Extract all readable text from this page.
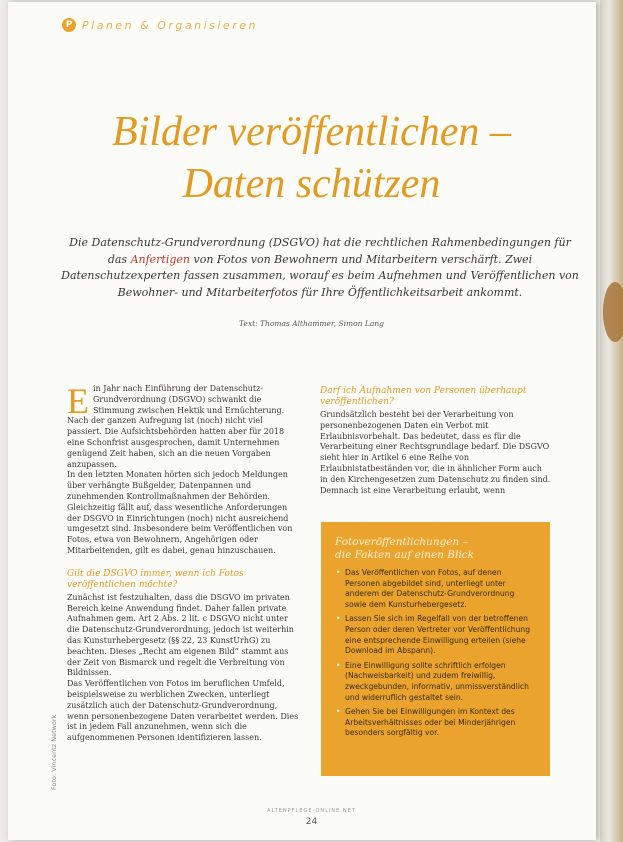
P Planen & Organisieren
Bilder veröffentlichen –
Daten schützen
Die Datenschutz-Grundverordnung (DSGVO) hat die rechtlichen Rahmenbedingungen für das Anfertigen von Fotos von Bewohnern und Mitarbeitern verschärft. Zwei Datenschutzexperten fassen zusammen, worauf es beim Aufnehmen und Veröffentlichen von Bewohner- und Mitarbeiterfotos für Ihre Öffentlichkeitsarbeit ankommt.
Text: Thomas Althammer, Simon Lang
E in Jahr nach Einführung der Datenschutz-Grundverordnung (DSGVO) schwankt die Stimmung zwischen Hektik und Ernüchterung. Nach der ganzen Aufregung ist (noch) nicht viel passiert. Die Aufsichtsbehörden hatten aber für 2018 eine Schonfrist ausgesprochen, damit Unternehmen genügend Zeit haben, sich an die neuen Vorgaben anzupassen.

In den letzten Monaten hörten sich jedoch Meldungen über verhängte Bußgelder, Datenpannen und zunehmenden Kontrollmaßnahmen der Behörden. Gleichzeitig fällt auf, dass wesentliche Anforderungen der DSGVO in Einrichtungen (noch) nicht ausreichend umgesetzt sind. Insbesondere beim Veröffentlichen von Fotos, etwa von Bewohnern, Angehörigen oder Mitarbeitenden, gilt es dabei, genau hinzuschauen.

Gilt die DSGVO immer, wenn ich Fotos veröffentlichen möchte?

Zunächst ist festzuhalten, dass die DSGVO im privaten Bereich keine Anwendung findet. Daher fallen private Aufnahmen gem. Art 2 Abs. 2 lit. c DSGVO nicht unter die Datenschutz-Grundverordnung, jedoch ist weiterhin das Kunsturhebergesetz (§§ 22, 23 KunstUrhG) zu beachten. Dieses „Recht am eigenen Bild“ stammt aus der Zeit von Bismarck und regelt die Verbreitung von Bildnissen.

Das Veröffentlichen von Fotos im beruflichen Umfeld, beispielsweise zu werblichen Zwecken, unterliegt zusätzlich auch der Datenschutz-Grundverordnung, wenn personenbezogene Daten verarbeitet werden. Dies ist in jedem Fall anzunehmen, wenn sich die aufgenommenen Personen identifizieren lassen.

Darf ich Aufnahmen von Personen überhaupt veröffentlichen?

Grundsätzlich besteht bei der Verarbeitung von personenbezogenen Daten ein Verbot mit Erlaubnisvorbehalt. Das bedeutet, dass es für die Verarbeitung einer Rechtsgrundlage bedarf. Die DSGVO sieht hier in Artikel 6 eine Reihe von Erlaubnistatbeständen vor, die in ähnlicher Form auch in den Kirchengesetzen zum Datenschutz zu finden sind. Demnach ist eine Verarbeitung erlaubt, wenn

Fotoveröffentlichungen –
die Fakten auf einen Blick
• Das Veröffentlichen von Fotos, auf denen Personen abgebildet sind, unterliegt unter anderem der Datenschutz-Grundverordnung sowie dem Kunsturhebergesetz.
• Lassen Sie sich im Regelfall von der betroffenen Person oder deren Vertreter vor Veröffentlichung eine entsprechende Einwilligung erteilen (siehe Download im Abspann).
• Eine Einwilligung sollte schriftlich erfolgen (Nachweisbarkeit) und zudem freiwillig, zweckgebunden, informativ, unmissverständlich und widerruflich gestaltet sein.
• Gehen Sie bei Einwilligungen im Kontext des Arbeitsverhältnisses oder bei Minderjährigen besonders sorgfältig vor.
Foto: Vincentz Network
ALTENPFLEGE-ONLINE.NET
24
